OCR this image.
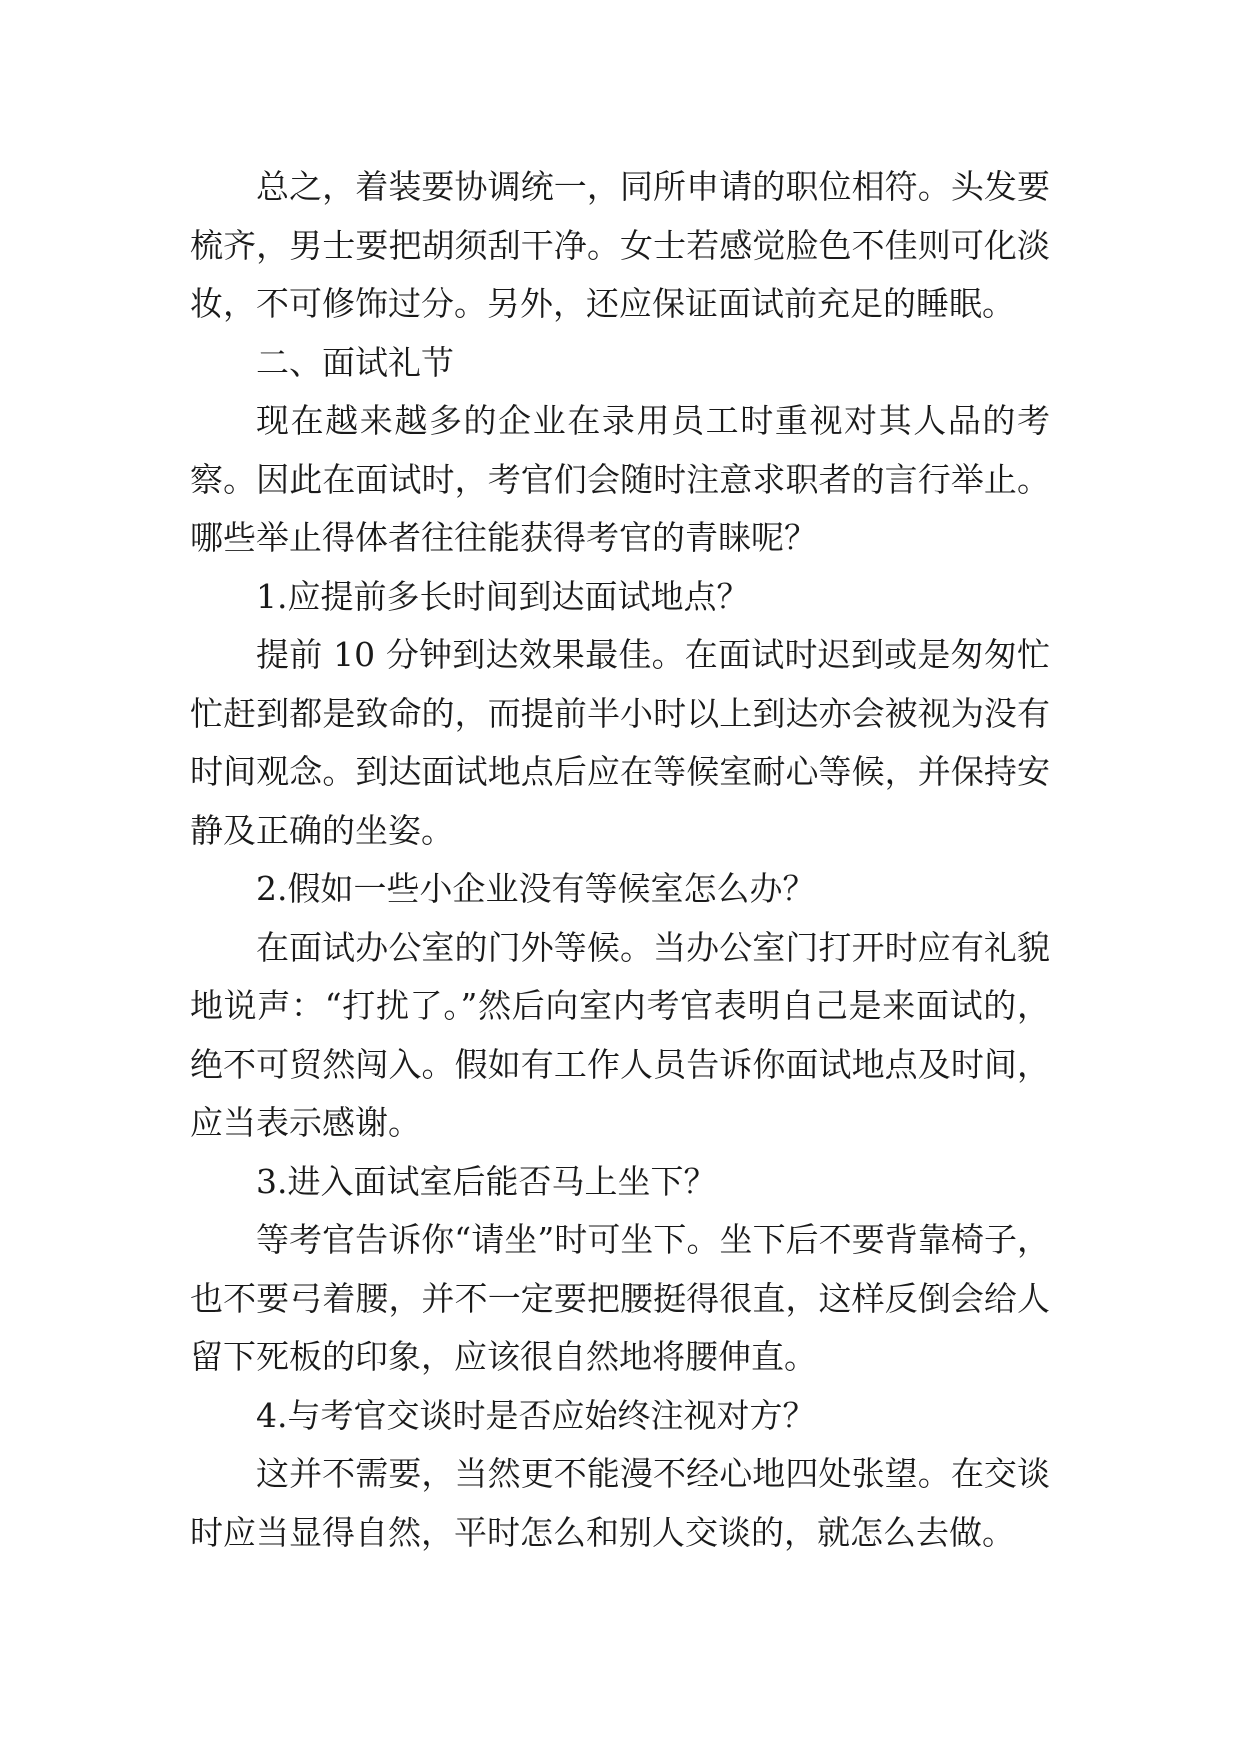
总之，着装要协调统一，同所申请的职位相符。头发要
梳齐，男士要把胡须刮干净。女士若感觉脸色不佳则可化淡
妆，不可修饰过分。另外，还应保证面试前充足的睡眠。
二、面试礼节
现在越来越多的企业在录用员工时重视对其人品的考
察。因此在面试时，考官们会随时注意求职者的言行举止。
哪些举止得体者往往能获得考官的青睐呢？
1.应提前多长时间到达面试地点？
提前 10 分钟到达效果最佳。在面试时迟到或是匆匆忙
忙赶到都是致命的，而提前半小时以上到达亦会被视为没有
时间观念。到达面试地点后应在等候室耐心等候，并保持安
静及正确的坐姿。
2.假如一些小企业没有等候室怎么办？
在面试办公室的门外等候。当办公室门打开时应有礼貌
地说声：“打扰了。”然后向室内考官表明自己是来面试的，
绝不可贸然闯入。假如有工作人员告诉你面试地点及时间，
应当表示感谢。
3.进入面试室后能否马上坐下？
等考官告诉你“请坐”时可坐下。坐下后不要背靠椅子，
也不要弓着腰，并不一定要把腰挺得很直，这样反倒会给人
留下死板的印象，应该很自然地将腰伸直。
4.与考官交谈时是否应始终注视对方？
这并不需要，当然更不能漫不经心地四处张望。在交谈
时应当显得自然，平时怎么和别人交谈的，就怎么去做。
